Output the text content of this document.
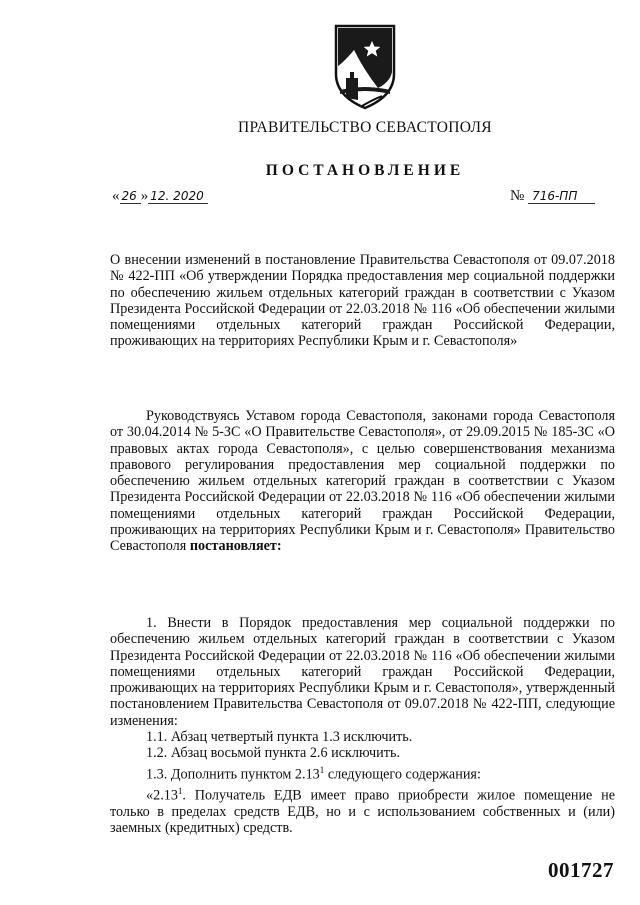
ПРАВИТЕЛЬСТВО СЕВАСТОПОЛЯ
ПОСТАНОВЛЕНИЕ
« 26 » 12. 2020	№ 716-ПП

О внесении изменений в постановление Правительства Севастополя от 09.07.2018 № 422-ПП «Об утверждении Порядка предоставления мер социальной поддержки по обеспечению жильем отдельных категорий граждан в соответствии с Указом Президента Российской Федерации от 22.03.2018 № 116 «Об обеспечении жилыми помещениями отдельных категорий граждан Российской Федерации, проживающих на территориях Республики Крым и г. Севастополя»

Руководствуясь Уставом города Севастополя, законами города Севастополя от 30.04.2014 № 5-ЗС «О Правительстве Севастополя», от 29.09.2015 № 185-ЗС «О правовых актах города Севастополя», с целью совершенствования механизма правового регулирования предоставления мер социальной поддержки по обеспечению жильем отдельных категорий граждан в соответствии с Указом Президента Российской Федерации от 22.03.2018 № 116 «Об обеспечении жилыми помещениями отдельных категорий граждан Российской Федерации, проживающих на территориях Республики Крым и г. Севастополя» Правительство Севастополя постановляет:

1. Внести в Порядок предоставления мер социальной поддержки по обеспечению жильем отдельных категорий граждан в соответствии с Указом Президента Российской Федерации от 22.03.2018 № 116 «Об обеспечении жилыми помещениями отдельных категорий граждан Российской Федерации, проживающих на территориях Республики Крым и г. Севастополя», утвержденный постановлением Правительства Севастополя от 09.07.2018 № 422-ПП, следующие изменения:

1.1. Абзац четвертый пункта 1.3 исключить.

1.2. Абзац восьмой пункта 2.6 исключить.

1.3. Дополнить пунктом 2.13$^1$ следующего содержания:

«2.13$^1$. Получатель ЕДВ имеет право приобрести жилое помещение не только в пределах средств ЕДВ, но и с использованием собственных и (или) заемных (кредитных) средств.

001727
